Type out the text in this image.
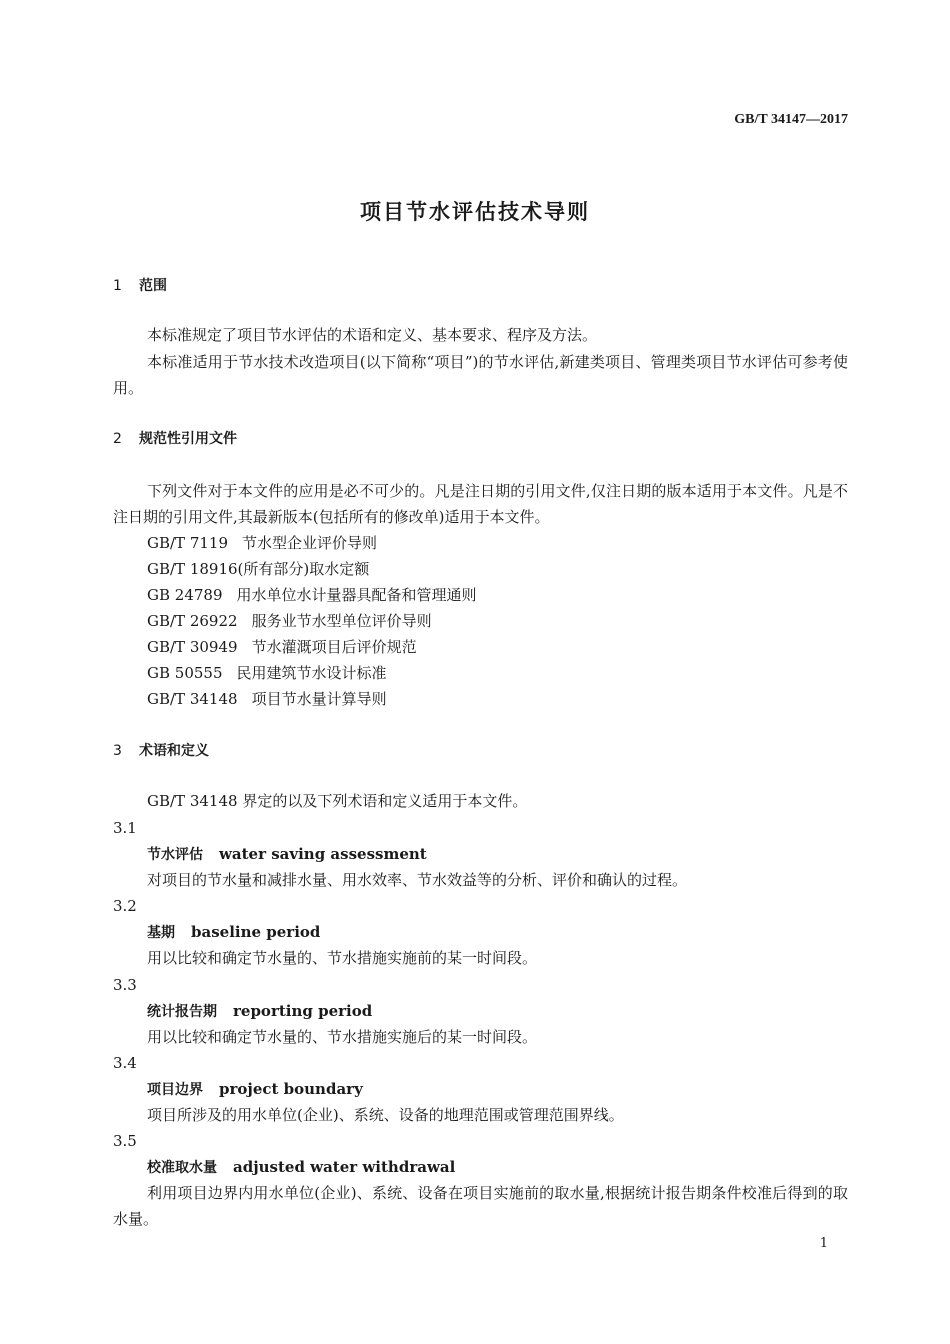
GB/T 34147—2017
项目节水评估技术导则
1 范围
本标准规定了项目节水评估的术语和定义、基本要求、程序及方法。
本标准适用于节水技术改造项目(以下简称“项目”)的节水评估,新建类项目、管理类项目节水评估可参考使用。
2 规范性引用文件
下列文件对于本文件的应用是必不可少的。凡是注日期的引用文件,仅注日期的版本适用于本文件。凡是不注日期的引用文件,其最新版本(包括所有的修改单)适用于本文件。
GB/T 7119 节水型企业评价导则
GB/T 18916(所有部分)取水定额
GB 24789 用水单位水计量器具配备和管理通则
GB/T 26922 服务业节水型单位评价导则
GB/T 30949 节水灌溉项目后评价规范
GB 50555 民用建筑节水设计标准
GB/T 34148 项目节水量计算导则
3 术语和定义
GB/T 34148 界定的以及下列术语和定义适用于本文件。
3.1
节水评估 water saving assessment
对项目的节水量和减排水量、用水效率、节水效益等的分析、评价和确认的过程。
3.2
基期 baseline period
用以比较和确定节水量的、节水措施实施前的某一时间段。
3.3
统计报告期 reporting period
用以比较和确定节水量的、节水措施实施后的某一时间段。
3.4
项目边界 project boundary
项目所涉及的用水单位(企业)、系统、设备的地理范围或管理范围界线。
3.5
校准取水量 adjusted water withdrawal
利用项目边界内用水单位(企业)、系统、设备在项目实施前的取水量,根据统计报告期条件校准后得到的取水量。
1
